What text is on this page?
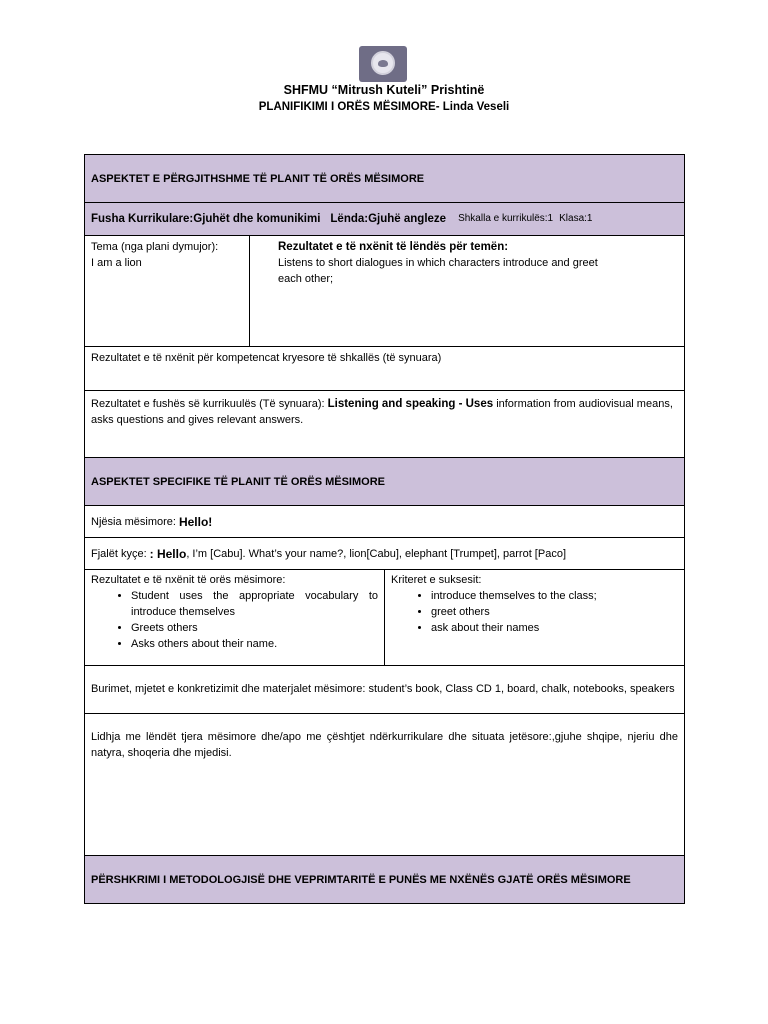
SHFMU “Mitrush Kuteli” Prishtinë
PLANIFIKIMI I ORËS MËSIMORE- Linda Veseli
ASPEKTET E PËRGJITHSHME TË PLANIT TË ORËS MËSIMORE
Fusha Kurrikulare:Gjuhët dhe komunikimi Lënda:Gjuhë angleze Shkalla e kurrikulës:1 Klasa:1
Tema (nga plani dymujor):
I am a lion
Rezultatet e të nxënit të lëndës për temën:
Listens to short dialogues in which characters introduce and greet each other;
Rezultatet e të nxënit për kompetencat kryesore të shkallës (të synuara)
Rezultatet e fushës së kurrikuulës (Të synuara): Listening and speaking - Uses information from audiovisual means, asks questions and gives relevant answers.
ASPEKTET SPECIFIKE TË PLANIT TË ORËS MËSIMORE
Njësia mësimore: Hello!
Fjalët kyçe: : Hello , I’m [Cabu]. What’s your name?, lion[Cabu], elephant [Trumpet], parrot [Paco]
Rezultatet e të nxënit të orës mësimore:
• Student uses the appropriate vocabulary to introduce themselves
• Greets others
• Asks others about their name.
Kriteret e suksesit:
• introduce themselves to the class;
• greet others
• ask about their names
Burimet, mjetet e konkretizimit dhe materjalet mësimore: student’s book, Class CD 1, board, chalk, notebooks, speakers
Lidhja me lëndët tjera mësimore dhe/apo me çështjet ndërkurrikulare dhe situata jetësore:,gjuhe shqipe, njeriu dhe natyra, shoqeria dhe mjedisi.
PËRSHKRIMI I METODOLOGJISË DHE VEPRIMTARITË E PUNËS ME NXËNËS GJATË ORËS MËSIMORE
